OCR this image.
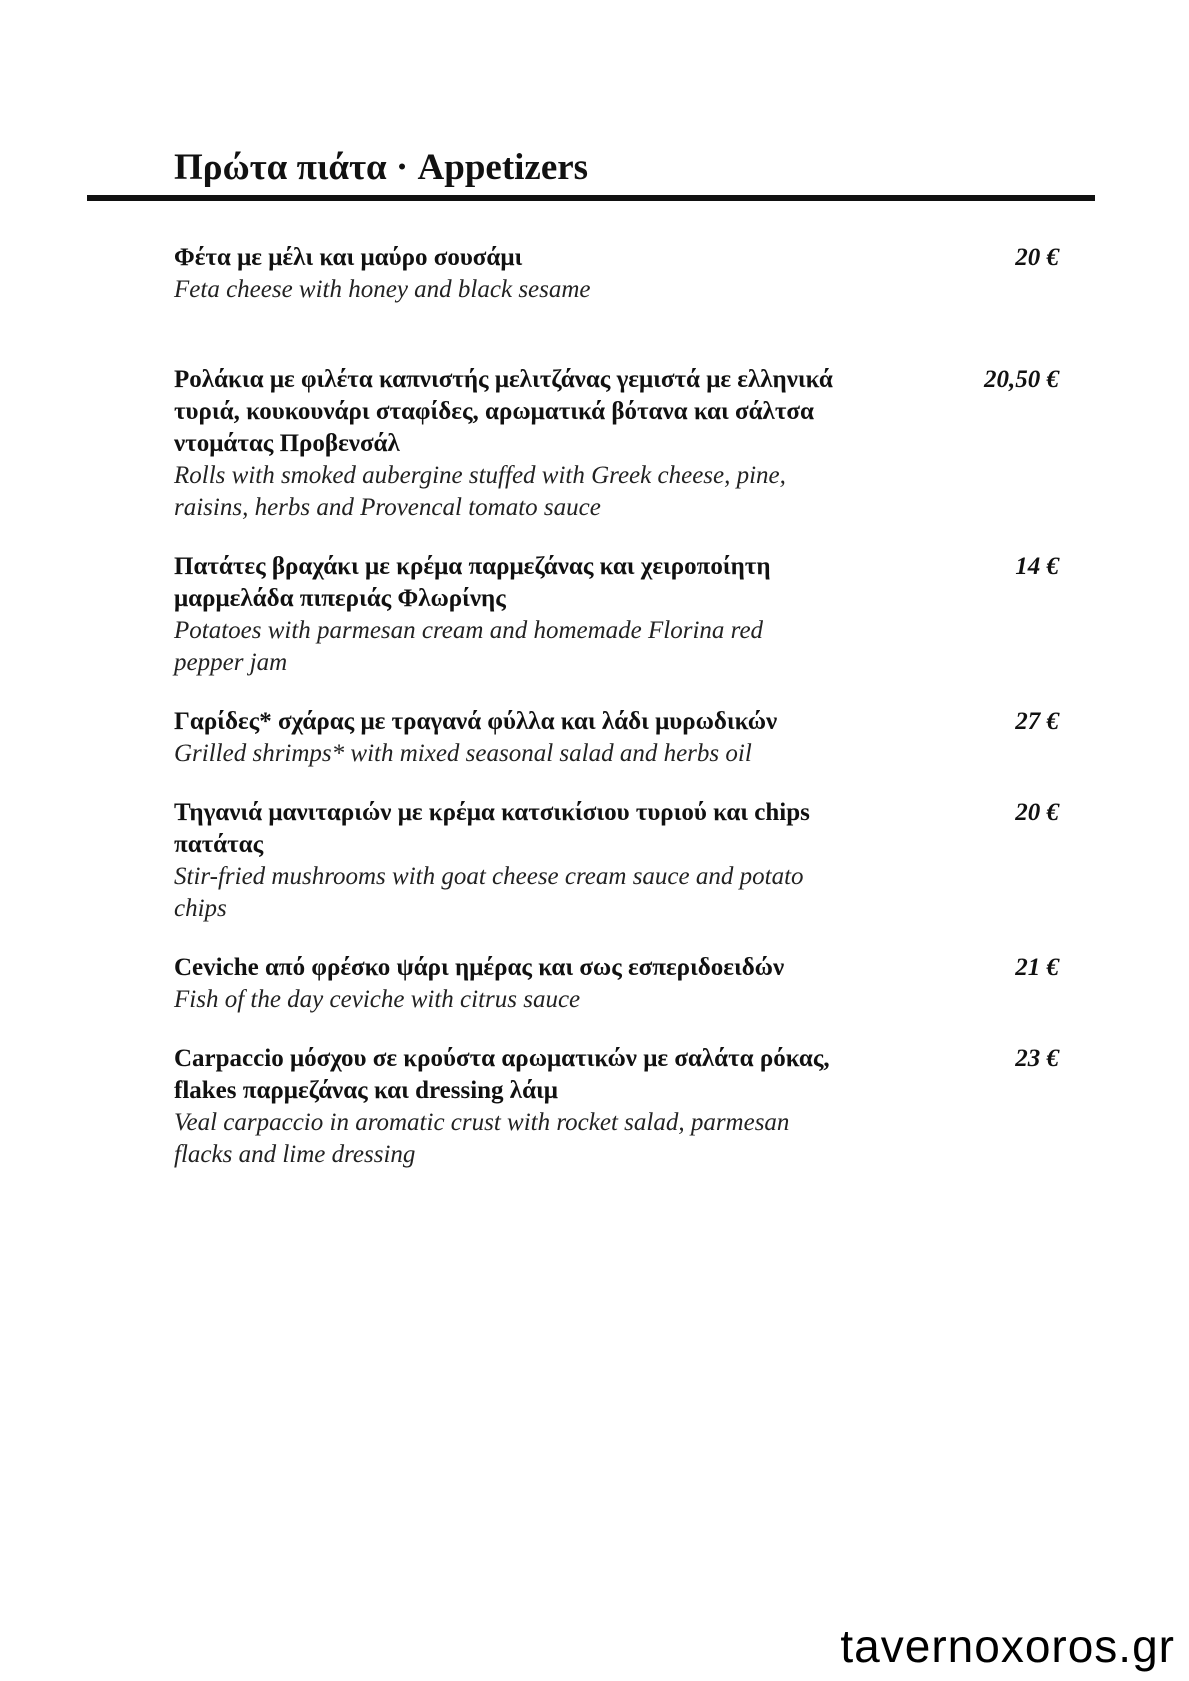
Πρώτα πιάτα · Appetizers
Φέτα με μέλι και μαύρο σουσάμι
Feta cheese with honey and black sesame
20 €
Ρολάκια με φιλέτα καπνιστής μελιτζάνας γεμιστά με ελληνικά τυριά, κουκουνάρι σταφίδες, αρωματικά βότανα και σάλτσα ντομάτας Προβενσάλ
Rolls with smoked aubergine stuffed with Greek cheese, pine, raisins, herbs and Provencal tomato sauce
20,50 €
Πατάτες βραχάκι με κρέμα παρμεζάνας και χειροποίητη μαρμελάδα πιπεριάς Φλωρίνης
Potatoes with parmesan cream and homemade Florina red pepper jam
14 €
Γαρίδες* σχάρας με τραγανά φύλλα και λάδι μυρωδικών
Grilled shrimps* with mixed seasonal salad and herbs oil
27 €
Τηγανιά μανιταριών με κρέμα κατσικίσιου τυριού και chips πατάτας
Stir-fried mushrooms with goat cheese cream sauce and potato chips
20 €
Ceviche από φρέσκο ψάρι ημέρας και σως εσπεριδοειδών
Fish of the day ceviche with citrus sauce
21 €
Carpaccio μόσχου σε κρούστα αρωματικών με σαλάτα ρόκας, flakes παρμεζάνας και dressing λάιμ
Veal carpaccio in aromatic crust with rocket salad, parmesan flacks and lime dressing
23 €
tavernoxoros.gr
